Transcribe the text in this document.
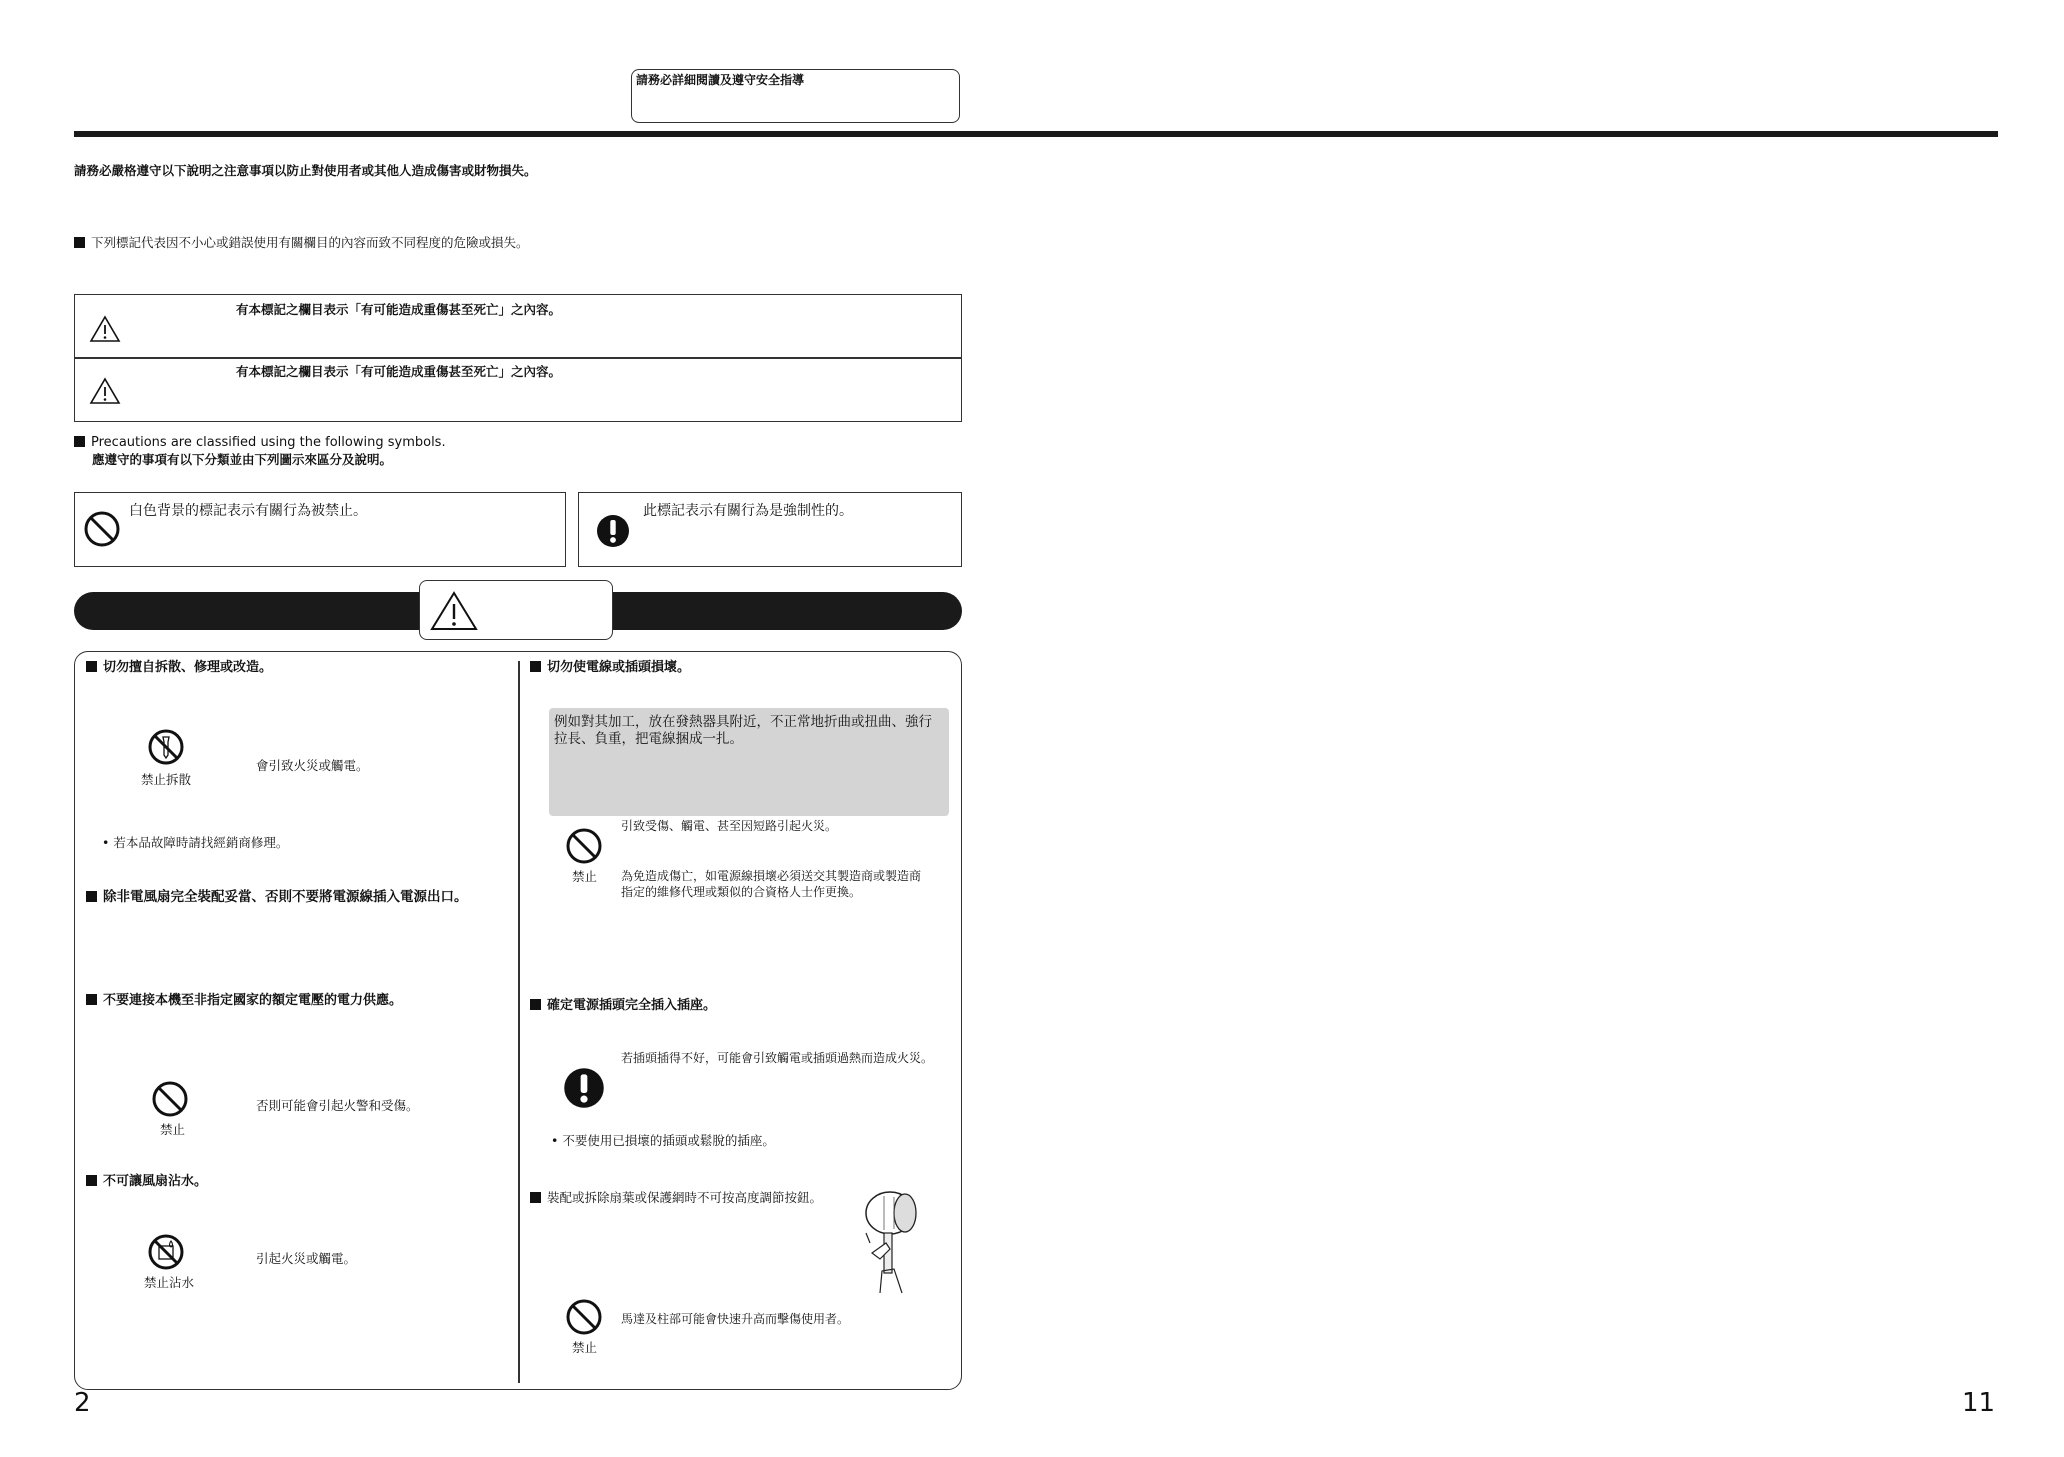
請務必詳細閱讀及遵守安全指導
請務必嚴格遵守以下說明之注意事項以防止對使用者或其他人造成傷害或財物損失。
下列標記代表因不小心或錯誤使用有關欄目的內容而致不同程度的危險或損失。
有本標記之欄目表示「有可能造成重傷甚至死亡」之內容。
有本標記之欄目表示「有可能造成重傷甚至死亡」之內容。
Precautions are classified using the following symbols.
應遵守的事項有以下分類並由下列圖示來區分及說明。
白色背景的標記表示有關行為被禁止。	此標記表示有關行為是強制性的。
切勿擅自拆散、修理或改造。
禁止拆散
會引致火災或觸電。
• 若本品故障時請找經銷商修理。
除非電風扇完全裝配妥當、否則不要將電源線插入電源出口。
不要連接本機至非指定國家的額定電壓的電力供應。
禁止
否則可能會引起火警和受傷。
不可讓風扇沾水。
禁止沾水
引起火災或觸電。
切勿使電線或插頭損壞。
例如對其加工，放在發熱器具附近，不正常地折曲或扭曲、強行
拉長、負重，把電線捆成一扎。
引致受傷、觸電、甚至因短路引起火災。
禁止 為免造成傷亡，如電源線損壞必須送交其製造商或製造商
指定的維修代理或類似的合資格人士作更換。
確定電源插頭完全插入插座。
若插頭插得不好，可能會引致觸電或插頭過熱而造成火災。
• 不要使用已損壞的插頭或鬆脫的插座。
裝配或拆除扇葉或保護網時不可按高度調節按鈕。
馬達及柱部可能會快速升高而擊傷使用者。
禁止
2	11
